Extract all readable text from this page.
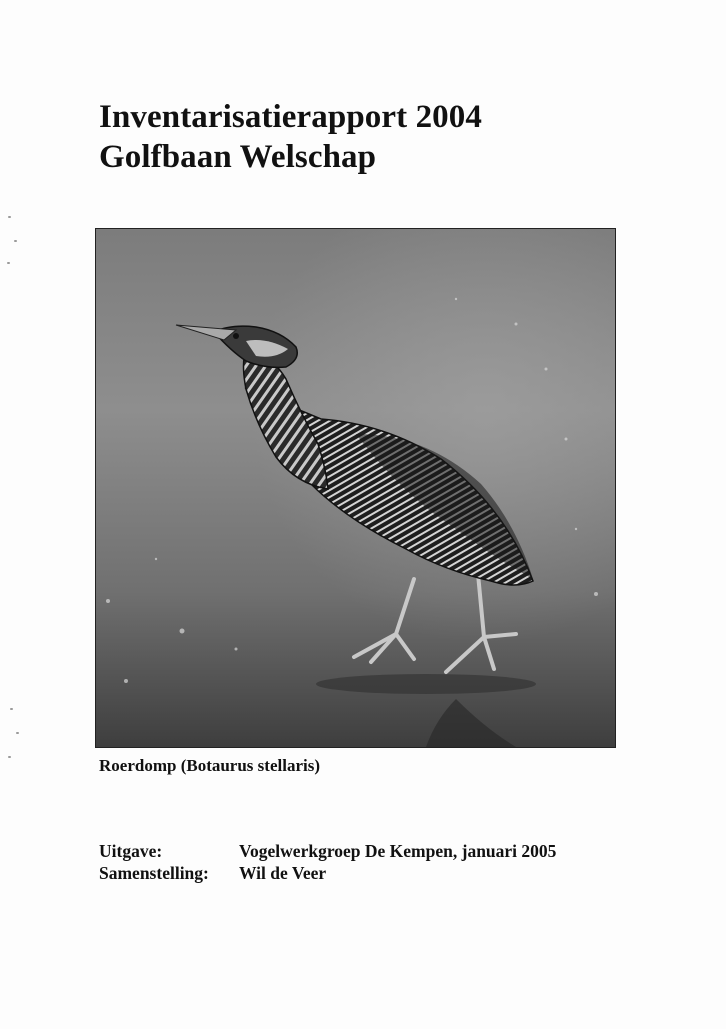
Inventarisatierapport 2004
Golfbaan Welschap
Roerdomp (Botaurus stellaris)
Uitgave:	Vogelwerkgroep De Kempen, januari 2005
Samenstelling:	Wil de Veer
